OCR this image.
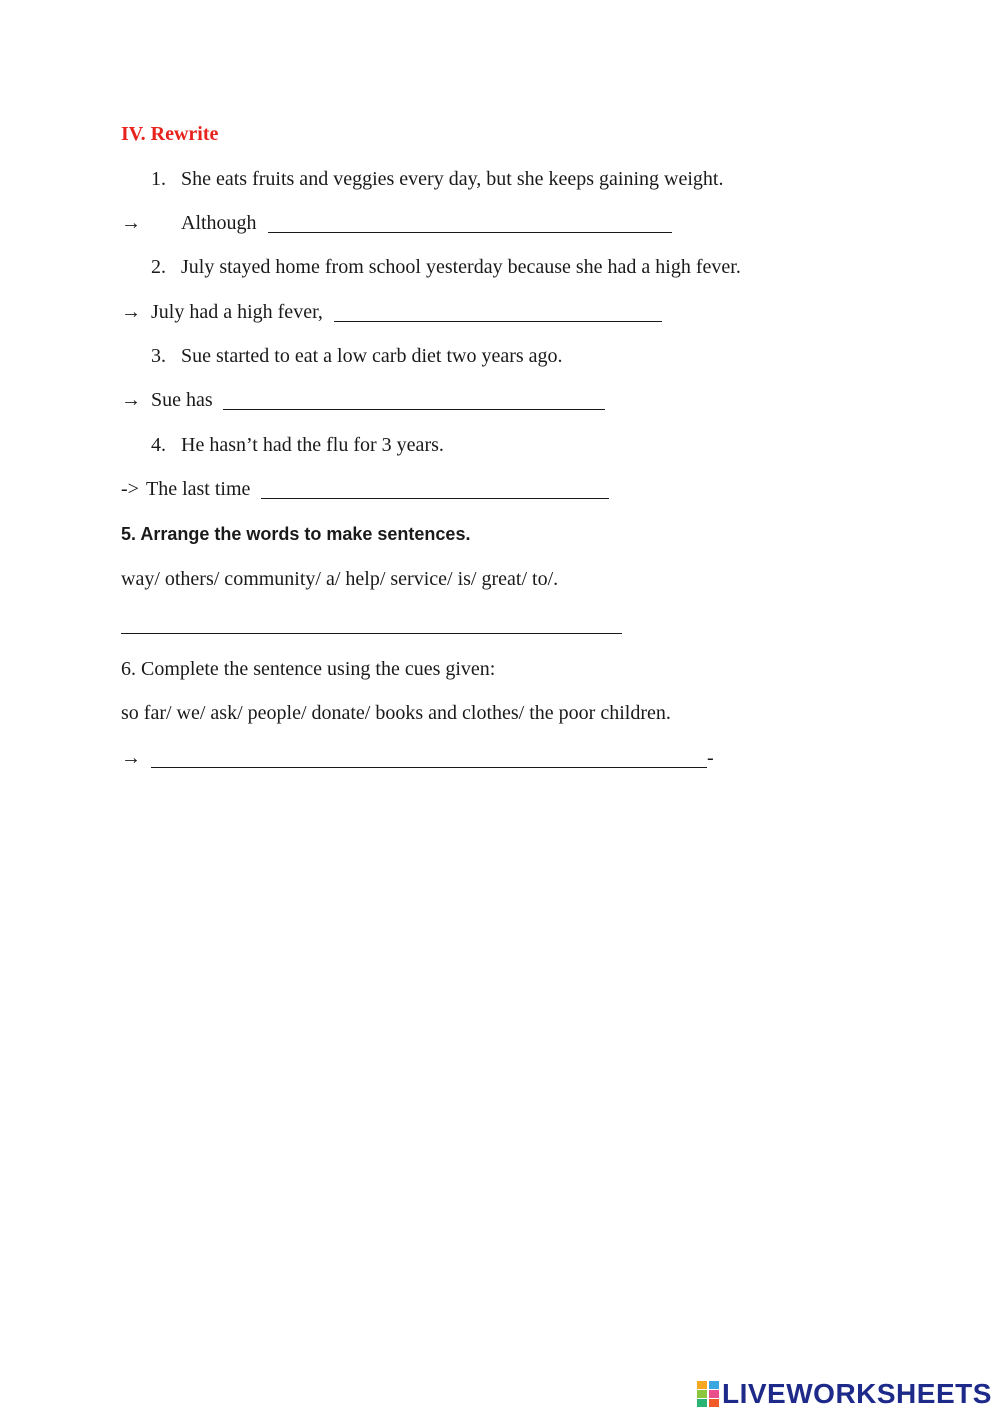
IV. Rewrite
1. She eats fruits and veggies every day, but she keeps gaining weight.
→ Although
2. July stayed home from school yesterday because she had a high fever.
→ July had a high fever,
3. Sue started to eat a low carb diet two years ago.
→ Sue has
4. He hasn’t had the flu for 3 years.
-> The last time
5. Arrange the words to make sentences.
way/ others/ community/ a/ help/ service/ is/ great/ to/.
6. Complete the sentence using the cues given:
so far/ we/ ask/ people/ donate/ books and clothes/ the poor children.
→	-
LIVEWORKSHEETS
